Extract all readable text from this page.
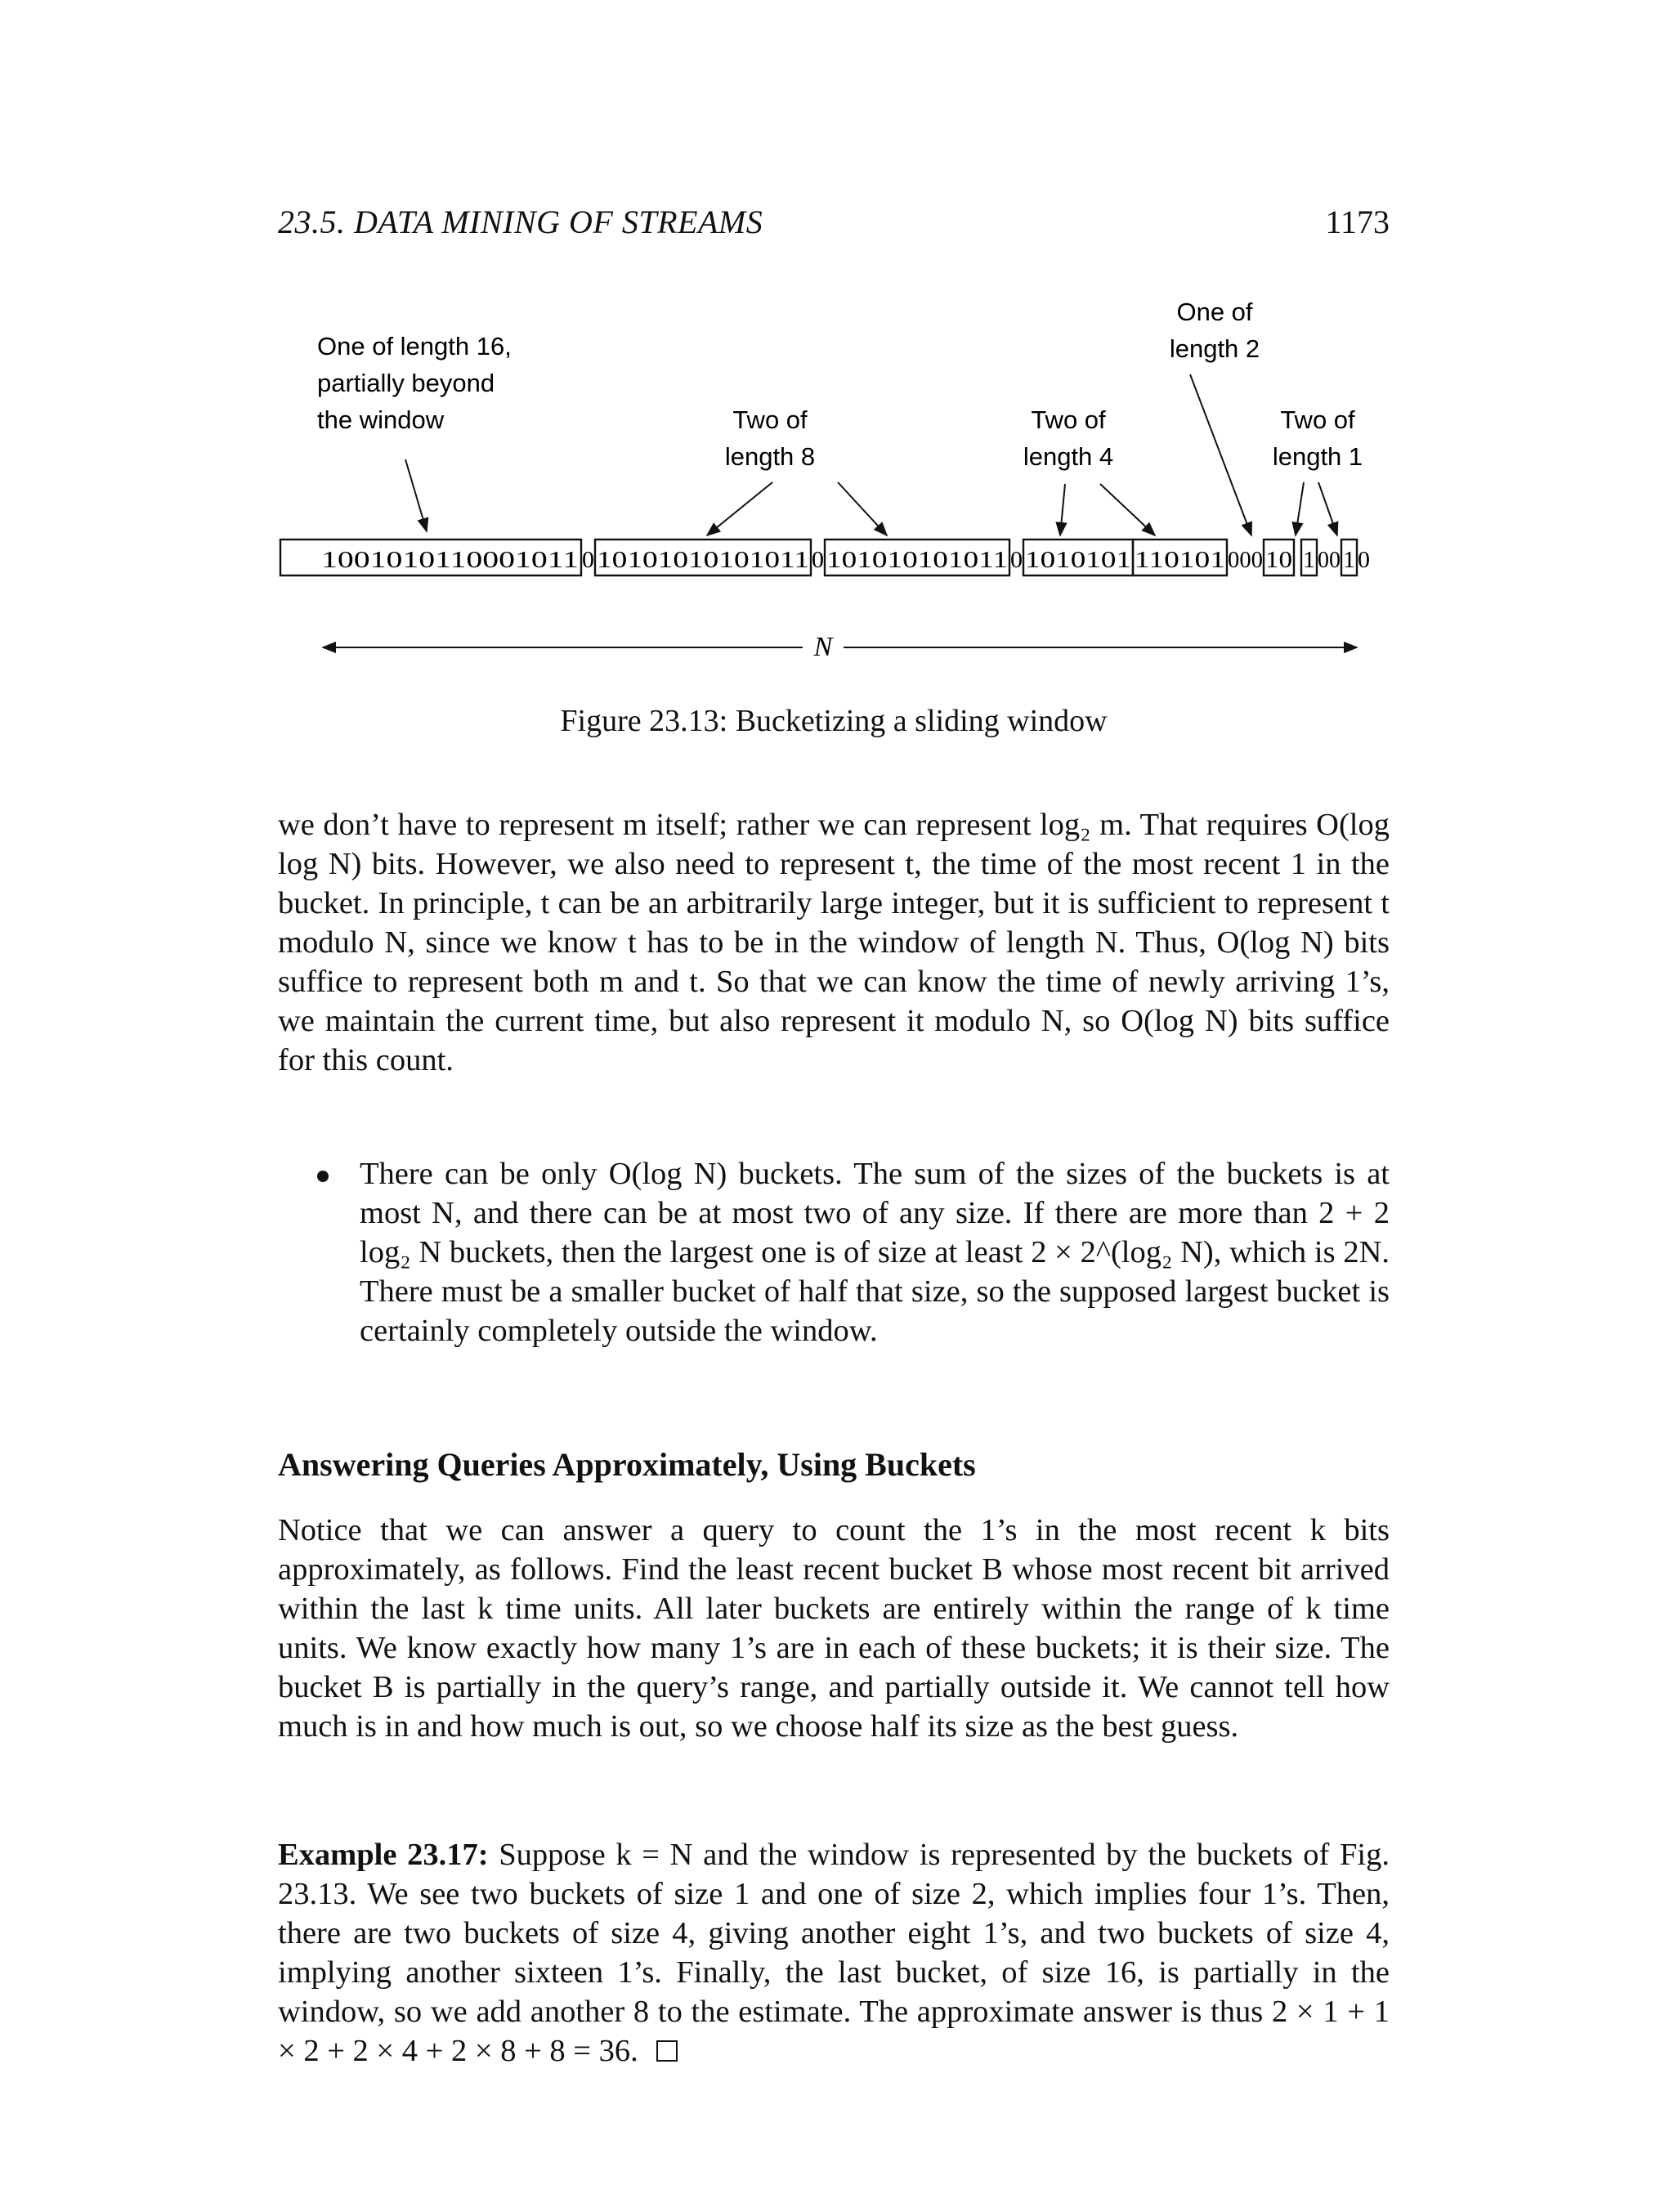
23.5. DATA MINING OF STREAMS	1173
One of length 16,
partially beyond
the window	Two of
length 8
Two of
length 4
One of
length 2
Two of
length 1
1001010110001011 0 10101010101011 0 101010101011 0 1010101 110101 000 10 1 00 1 0
N
Figure 23.13: Bucketizing a sliding window

we don’t have to represent m itself; rather we can represent log₂ m. That requires O(log log N) bits. However, we also need to represent t, the time of the most recent 1 in the bucket. In principle, t can be an arbitrarily large integer, but it is sufficient to represent t modulo N, since we know t has to be in the window of length N. Thus, O(log N) bits suffice to represent both m and t. So that we can know the time of newly arriving 1’s, we maintain the current time, but also represent it modulo N, so O(log N) bits suffice for this count.

There can be only O(log N) buckets. The sum of the sizes of the buckets is at most N, and there can be at most two of any size. If there are more than 2 + 2 log₂ N buckets, then the largest one is of size at least 2 × 2^(log₂ N), which is 2N. There must be a smaller bucket of half that size, so the supposed largest bucket is certainly completely outside the window.

Answering Queries Approximately, Using Buckets

Notice that we can answer a query to count the 1’s in the most recent k bits approximately, as follows. Find the least recent bucket B whose most recent bit arrived within the last k time units. All later buckets are entirely within the range of k time units. We know exactly how many 1’s are in each of these buckets; it is their size. The bucket B is partially in the query’s range, and partially outside it. We cannot tell how much is in and how much is out, so we choose half its size as the best guess.

Example 23.17: Suppose k = N and the window is represented by the buckets of Fig. 23.13. We see two buckets of size 1 and one of size 2, which implies four 1’s. Then, there are two buckets of size 4, giving another eight 1’s, and two buckets of size 4, implying another sixteen 1’s. Finally, the last bucket, of size 16, is partially in the window, so we add another 8 to the estimate. The approximate answer is thus 2 × 1 + 1 × 2 + 2 × 4 + 2 × 8 + 8 = 36.
